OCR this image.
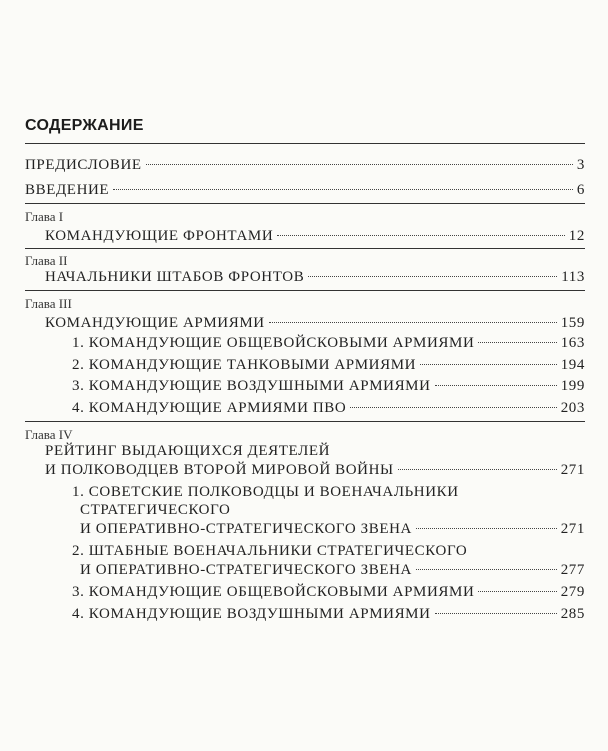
СОДЕРЖАНИЕ
ПРЕДИСЛОВИЕ	3
ВВЕДЕНИЕ	6
Глава I
КОМАНДУЮЩИЕ ФРОНТАМИ	12
Глава II
НАЧАЛЬНИКИ ШТАБОВ ФРОНТОВ	113
Глава III
КОМАНДУЮЩИЕ АРМИЯМИ	159
1. КОМАНДУЮЩИЕ ОБЩЕВОЙСКОВЫМИ АРМИЯМИ	163
2. КОМАНДУЮЩИЕ ТАНКОВЫМИ АРМИЯМИ	194
3. КОМАНДУЮЩИЕ ВОЗДУШНЫМИ АРМИЯМИ	199
4. КОМАНДУЮЩИЕ АРМИЯМИ ПВО	203
Глава IV
РЕЙТИНГ ВЫДАЮЩИХСЯ ДЕЯТЕЛЕЙ
И ПОЛКОВОДЦЕВ ВТОРОЙ МИРОВОЙ ВОЙНЫ	271
1. СОВЕТСКИЕ ПОЛКОВОДЦЫ И ВОЕНАЧАЛЬНИКИ
СТРАТЕГИЧЕСКОГО
И ОПЕРАТИВНО-СТРАТЕГИЧЕСКОГО ЗВЕНА	271
2. ШТАБНЫЕ ВОЕНАЧАЛЬНИКИ СТРАТЕГИЧЕСКОГО
И ОПЕРАТИВНО-СТРАТЕГИЧЕСКОГО ЗВЕНА	277
3. КОМАНДУЮЩИЕ ОБЩЕВОЙСКОВЫМИ АРМИЯМИ	279
4. КОМАНДУЮЩИЕ ВОЗДУШНЫМИ АРМИЯМИ	285
